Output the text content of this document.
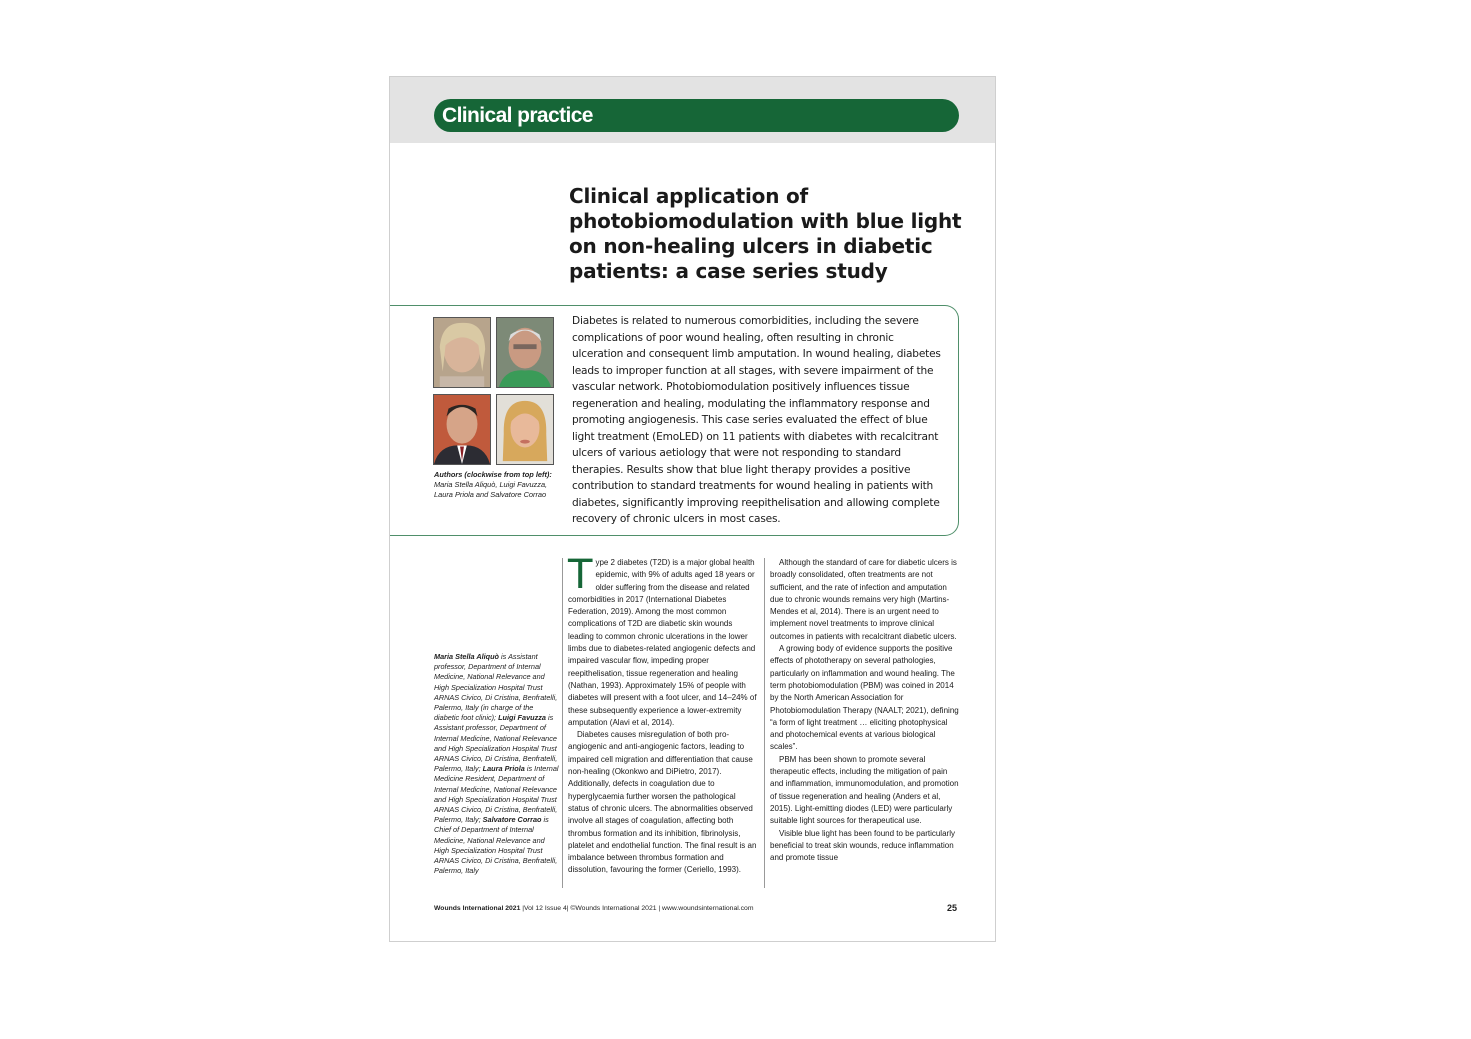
Clinical practice
Clinical application of photobiomodulation with blue light on non-healing ulcers in diabetic patients: a case series study
Authors (clockwise from top left):
Maria Stella Aliquò, Luigi Favuzza, Laura Priola and Salvatore Corrao

Diabetes is related to numerous comorbidities, including the severe complications of poor wound healing, often resulting in chronic ulceration and consequent limb amputation. In wound healing, diabetes leads to improper function at all stages, with severe impairment of the vascular network. Photobiomodulation positively influences tissue regeneration and healing, modulating the inflammatory response and promoting angiogenesis. This case series evaluated the effect of blue light treatment (EmoLED) on 11 patients with diabetes with recalcitrant ulcers of various aetiology that were not responding to standard therapies. Results show that blue light therapy provides a positive contribution to standard treatments for wound healing in patients with diabetes, significantly improving reepithelisation and allowing complete recovery of chronic ulcers in most cases.

Maria Stella Aliquò is Assistant professor, Department of Internal Medicine, National Relevance and High Specialization Hospital Trust ARNAS Civico, Di Cristina, Benfratelli, Palermo, Italy (in charge of the diabetic foot clinic); Luigi Favuzza is Assistant professor, Department of Internal Medicine, National Relevance and High Specialization Hospital Trust ARNAS Civico, Di Cristina, Benfratelli, Palermo, Italy; Laura Priola is Internal Medicine Resident, Department of Internal Medicine, National Relevance and High Specialization Hospital Trust ARNAS Civico, Di Cristina, Benfratelli, Palermo, Italy; Salvatore Corrao is Chief of Department of Internal Medicine, National Relevance and High Specialization Hospital Trust ARNAS Civico, Di Cristina, Benfratelli, Palermo, Italy

Type 2 diabetes (T2D) is a major global health epidemic, with 9% of adults aged 18 years or older suffering from the disease and related comorbidities in 2017 (International Diabetes Federation, 2019). Among the most common complications of T2D are diabetic skin wounds leading to common chronic ulcerations in the lower limbs due to diabetes-related angiogenic defects and impaired vascular flow, impeding proper reepithelisation, tissue regeneration and healing (Nathan, 1993). Approximately 15% of people with diabetes will present with a foot ulcer, and 14–24% of these subsequently experience a lower-extremity amputation (Alavi et al, 2014).

Diabetes causes misregulation of both pro-angiogenic and anti-angiogenic factors, leading to impaired cell migration and differentiation that cause non-healing (Okonkwo and DiPietro, 2017). Additionally, defects in coagulation due to hyperglycaemia further worsen the pathological status of chronic ulcers. The abnormalities observed involve all stages of coagulation, affecting both thrombus formation and its inhibition, fibrinolysis, platelet and endothelial function. The final result is an imbalance between thrombus formation and dissolution, favouring the former (Ceriello, 1993).

Although the standard of care for diabetic ulcers is broadly consolidated, often treatments are not sufficient, and the rate of infection and amputation due to chronic wounds remains very high (Martins-Mendes et al, 2014). There is an urgent need to implement novel treatments to improve clinical outcomes in patients with recalcitrant diabetic ulcers.

A growing body of evidence supports the positive effects of phototherapy on several pathologies, particularly on inflammation and wound healing. The term photobiomodulation (PBM) was coined in 2014 by the North American Association for Photobiomodulation Therapy (NAALT; 2021), defining “a form of light treatment … eliciting photophysical and photochemical events at various biological scales”.

PBM has been shown to promote several therapeutic effects, including the mitigation of pain and inflammation, immunomodulation, and promotion of tissue regeneration and healing (Anders et al, 2015). Light-emitting diodes (LED) were particularly suitable light sources for therapeutical use.

Visible blue light has been found to be particularly beneficial to treat skin wounds, reduce inflammation and promote tissue

Wounds International 2021 |Vol 12 Issue 4| ©Wounds International 2021 | www.woundsinternational.com	25
